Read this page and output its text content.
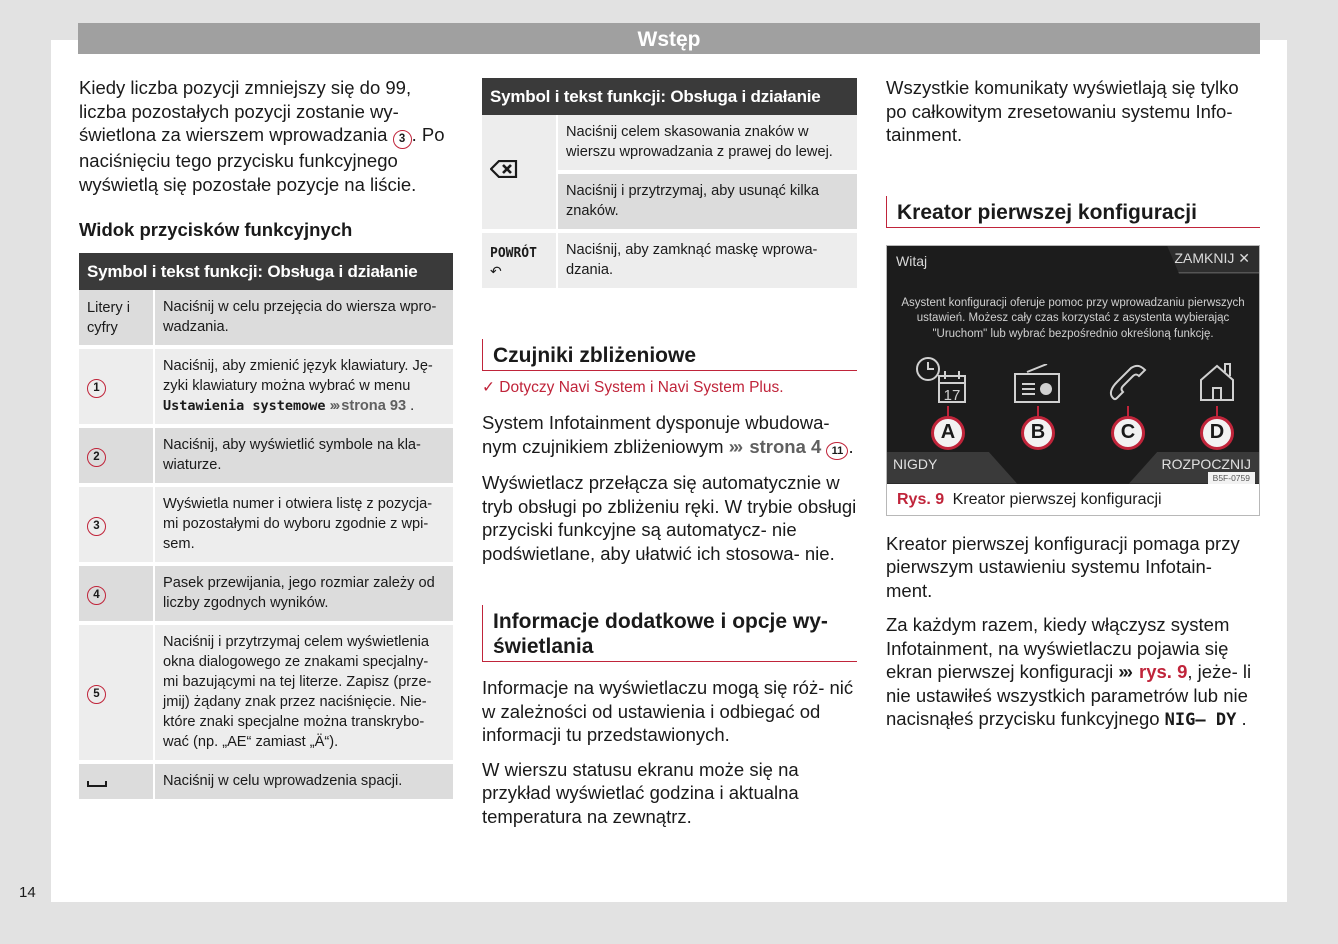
Wstęp
14

Kiedy liczba pozycji zmniejszy się do 99, liczba pozostałych pozycji zostanie wy- świetlona za wierszem wprowadzania 3 . Po naciśnięciu tego przycisku funkcyjnego wyświetlą się pozostałe pozycje na liście.

Widok przycisków funkcyjnych
Symbol i tekst funkcji: Obsługa i działanie
Litery i cyfry	Naciśnij w celu przejęcia do wiersza wpro- wadzania.
1	Naciśnij, aby zmienić język klawiatury. Ję- zyki klawiatury można wybrać w menu Ustawienia systemowe ››› strona 93 .
2	Naciśnij, aby wyświetlić symbole na kla- wiaturze.
3	Wyświetla numer i otwiera listę z pozycja- mi pozostałymi do wyboru zgodnie z wpi- sem.
4	Pasek przewijania, jego rozmiar zależy od liczby zgodnych wyników.
5	Naciśnij i przytrzymaj celem wyświetlenia okna dialogowego ze znakami specjalny- mi bazującymi na tej literze. Zapisz (prze- jmij) żądany znak przez naciśnięcie. Nie- które znaki specjalne można transkrybo- wać (np. „AE“ zamiast „Ä“).
	Naciśnij w celu wprowadzenia spacji.
Symbol i tekst funkcji: Obsługa i działanie
	Naciśnij celem skasowania znaków w wierszu wprowadzania z prawej do lewej.
	Naciśnij i przytrzymaj, aby usunąć kilka znaków.

POWRÓT
↶	Naciśnij, aby zamknąć maskę wprowa- dzania.
Czujniki zbliżeniowe
✓ Dotyczy Navi System i Navi System Plus.

System Infotainment dysponuje wbudowa- nym czujnikiem zbliżeniowym ››› strona 4 11 .

Wyświetlacz przełącza się automatycznie w tryb obsługi po zbliżeniu ręki. W trybie obsługi przyciski funkcyjne są automatycz- nie podświetlane, aby ułatwić ich stosowa- nie.

Informacje dodatkowe i opcje wy- świetlania

Informacje na wyświetlaczu mogą się róż- nić w zależności od ustawienia i odbiegać od informacji tu przedstawionych.

W wierszu statusu ekranu może się na przykład wyświetlać godzina i aktualna temperatura na zewnątrz.

Wszystkie komunikaty wyświetlają się tylko po całkowitym zresetowaniu systemu Info- tainment.

Kreator pierwszej konfiguracji
Witaj	ZAMKNIJ ✕
Asystent konfiguracji oferuje pomoc przy wprowadzaniu pierwszych ustawień. Możesz cały czas korzystać z asystenta wybierając "Uruchom" lub wybrać bezpośrednio określoną funkcję.
17
A	B	C	D
NIGDY	ROZPOCZNIJ
B5F-0759
Rys. 9 Kreator pierwszej konfiguracji

Kreator pierwszej konfiguracji pomaga przy pierwszym ustawieniu systemu Infotain- ment.

Za każdym razem, kiedy włączysz system Infotainment, na wyświetlaczu pojawia się ekran pierwszej konfiguracji ››› rys. 9, jeże- li nie ustawiłeś wszystkich parametrów lub nie nacisnąłeś przycisku funkcyjnego NIG– DY .
